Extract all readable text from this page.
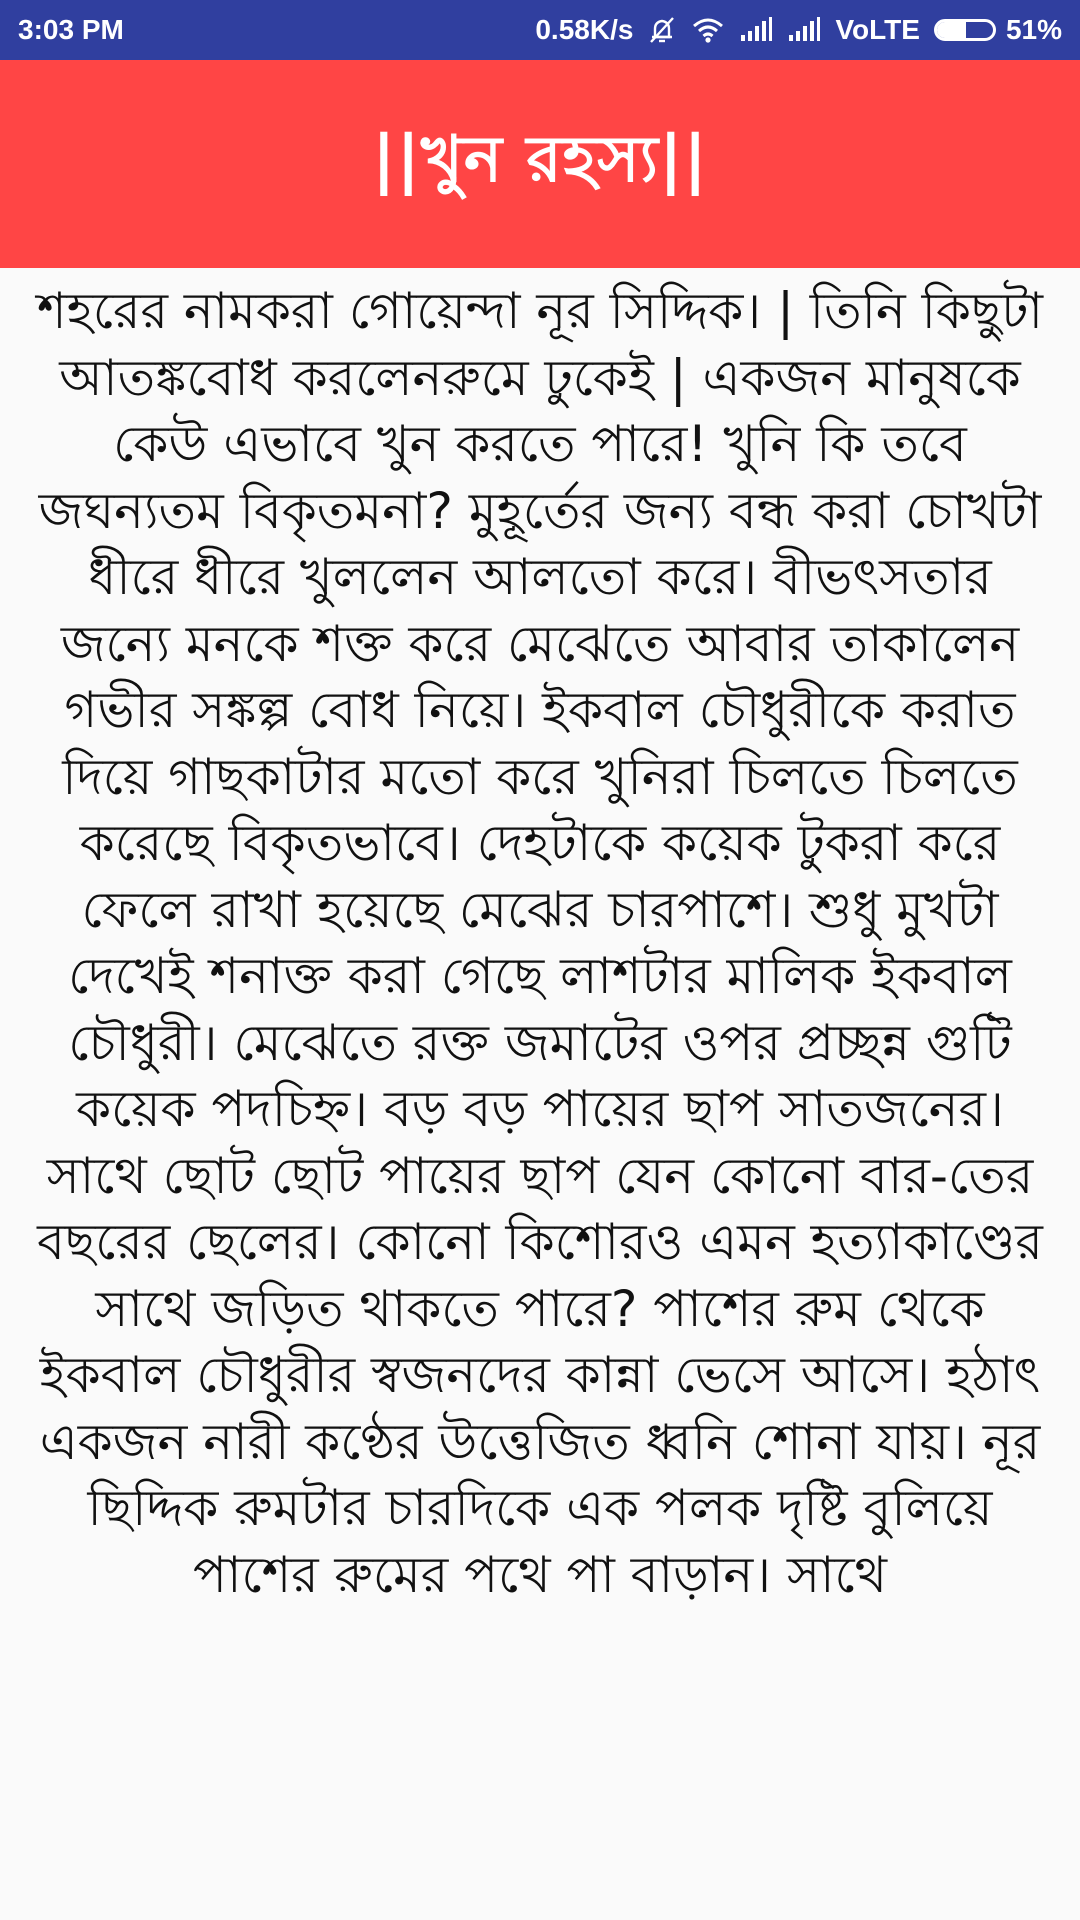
3:03 PM	0.58K/s	VoLTE	51%
||খুন রহস্য||

শহরের নামকরা গোয়েন্দা নূর সিদ্দিক। | তিনি কিছুটা আতঙ্কবোধ করলেনরুমে ঢুকেই | একজন মানুষকে কেউ এভাবে খুন করতে পারে! খুনি কি তবে জঘন্যতম বিকৃতমনা? মুহূর্তের জন্য বন্ধ করা চোখটা ধীরে ধীরে খুললেন আলতো করে। বীভৎসতার জন্যে মনকে শক্ত করে মেঝেতে আবার তাকালেন গভীর সঙ্কল্প বোধ নিয়ে। ইকবাল চৌধুরীকে করাত দিয়ে গাছকাটার মতো করে খুনিরা চিলতে চিলতে করেছে বিকৃতভাবে। দেহটাকে কয়েক টুকরা করে ফেলে রাখা হয়েছে মেঝের চারপাশে। শুধু মুখটা দেখেই শনাক্ত করা গেছে লাশটার মালিক ইকবাল চৌধুরী। মেঝেতে রক্ত জমাটের ওপর প্রচ্ছন্ন গুটি কয়েক পদচিহ্ন। বড় বড় পায়ের ছাপ সাতজনের। সাথে ছোট ছোট পায়ের ছাপ যেন কোনো বার-তের বছরের ছেলের। কোনো কিশোরও এমন হত্যাকাণ্ডের সাথে জড়িত থাকতে পারে? পাশের রুম থেকে ইকবাল চৌধুরীর স্বজনদের কান্না ভেসে আসে। হঠাৎ একজন নারী কণ্ঠের উত্তেজিত ধ্বনি শোনা যায়। নূর ছিদ্দিক রুমটার চারদিকে এক পলক দৃষ্টি বুলিয়ে পাশের রুমের পথে পা বাড়ান। সাথে
